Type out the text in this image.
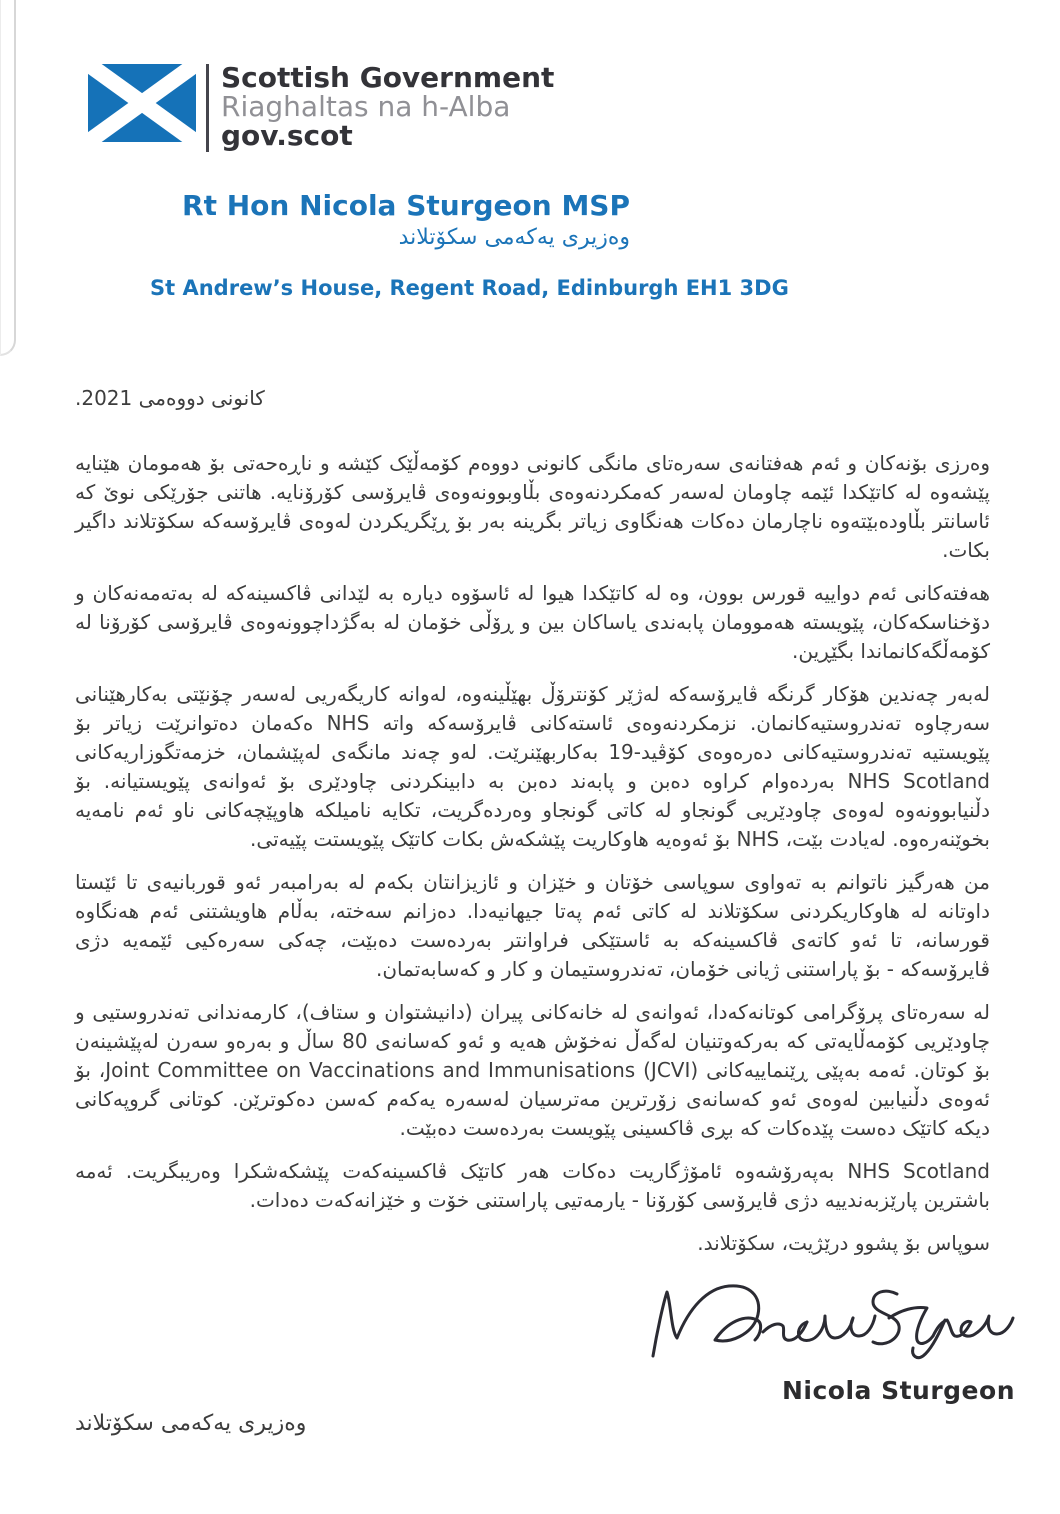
Scottish Government
Riaghaltas na h-Alba
gov.scot
Rt Hon Nicola Sturgeon MSP
وەزیری یەکەمی سکۆتلاند
St Andrew’s House, Regent Road, Edinburgh EH1 3DG

کانونی دووەمی 2021.

وەرزی بۆنەکان و ئەم هەفتانەی سەرەتای مانگی کانونی دووەم کۆمەڵێک کێشە و ناڕەحەتی بۆ هەمومان هێنایە پێشەوە لە کاتێکدا ئێمە چاومان لەسەر کەمکردنەوەی بڵاوبوونەوەی ڤایرۆسی کۆرۆنایە. هاتنی جۆرێکی نوێ کە ئاسانتر بڵاودەبێتەوە ناچارمان دەکات هەنگاوی زیاتر بگرینە بەر بۆ ڕێگریکردن لەوەی ڤایرۆسەکە سکۆتلاند داگیر بکات.

هەفتەکانی ئەم دواییە قورس بوون، وە لە کاتێکدا هیوا لە ئاسۆوە دیارە بە لێدانی ڤاکسینەکە لە بەتەمەنەکان و دۆخناسکەکان، پێویستە هەموومان پابەندی یاساکان بین و ڕۆڵی خۆمان لە بەگژداچوونەوەی ڤایرۆسی کۆرۆنا لە کۆمەڵگەکانماندا بگێڕین.

لەبەر چەندین هۆکار گرنگە ڤایرۆسەکە لەژێر کۆنترۆڵ بهێڵینەوە، لەوانە کاریگەریی لەسەر چۆنێتی بەکارهێنانی سەرچاوە تەندروستیەکانمان. نزمکردنەوەی ئاستەکانی ڤایرۆسەکە واتە NHS ەکەمان دەتوانرێت زیاتر بۆ پێویستیە تەندروستیەکانی دەرەوەی کۆڤید-19 بەکاربهێنرێت. لەو چەند مانگەی لەپێشمان، خزمەتگوزاریەکانی NHS Scotland بەردەوام کراوە دەبن و پابەند دەبن بە دابینکردنی چاودێری بۆ ئەوانەی پێویستیانە. بۆ دڵنیابوونەوە لەوەی چاودێریی گونجاو لە کاتی گونجاو وەردەگریت، تکایە نامیلکە هاوپێچەکانی ناو ئەم نامەیە بخوێنەرەوە. لەیادت بێت، NHS بۆ ئەوەیە هاوکاریت پێشکەش بکات کاتێک پێویستت پێیەتی.

من هەرگیز ناتوانم بە تەواوی سوپاسی خۆتان و خێزان و ئازیزانتان بکەم لە بەرامبەر ئەو قوربانیەی تا ئێستا داوتانە لە هاوکاریکردنی سکۆتلاند لە کاتی ئەم پەتا جیهانیەدا. دەزانم سەختە، بەڵام هاویشتنی ئەم هەنگاوە قورسانە، تا ئەو کاتەی ڤاکسینەکە بە ئاستێکی فراوانتر بەردەست دەبێت، چەکی سەرەکیی ئێمەیە دژی ڤایرۆسەکە - بۆ پاراستنی ژیانی خۆمان، تەندروستیمان و کار و کەسابەتمان.

لە سەرەتای پرۆگرامی کوتانەکەدا، ئەوانەی لە خانەکانی پیران (دانیشتوان و ستاف)، کارمەندانی تەندروستیی و چاودێریی کۆمەڵایەتی کە بەرکەوتنیان لەگەڵ نەخۆش هەیە و ئەو کەسانەی 80 ساڵ و بەرەو سەرن لەپێشینەن بۆ کوتان. ئەمە بەپێی ڕێنماییەکانی (JCVI) Joint Committee on Vaccinations and Immunisations، بۆ ئەوەی دڵنیابین لەوەی ئەو کەسانەی زۆرترین مەترسیان لەسەرە یەکەم کەسن دەکوترێن. کوتانی گروپەکانی دیکە کاتێک دەست پێدەکات کە بڕی ڤاکسینی پێویست بەردەست دەبێت.

NHS Scotland بەپەرۆشەوە ئامۆژگاریت دەکات هەر کاتێک ڤاکسینەکەت پێشکەشکرا وەریبگریت. ئەمە باشترین پارێزبەندییە دژی ڤایرۆسی کۆرۆنا - یارمەتیی پاراستنی خۆت و خێزانەکەت دەدات.

سوپاس بۆ پشوو درێژیت، سکۆتلاند.

Nicola Sturgeon
وەزیری یەکەمی سکۆتلاند
